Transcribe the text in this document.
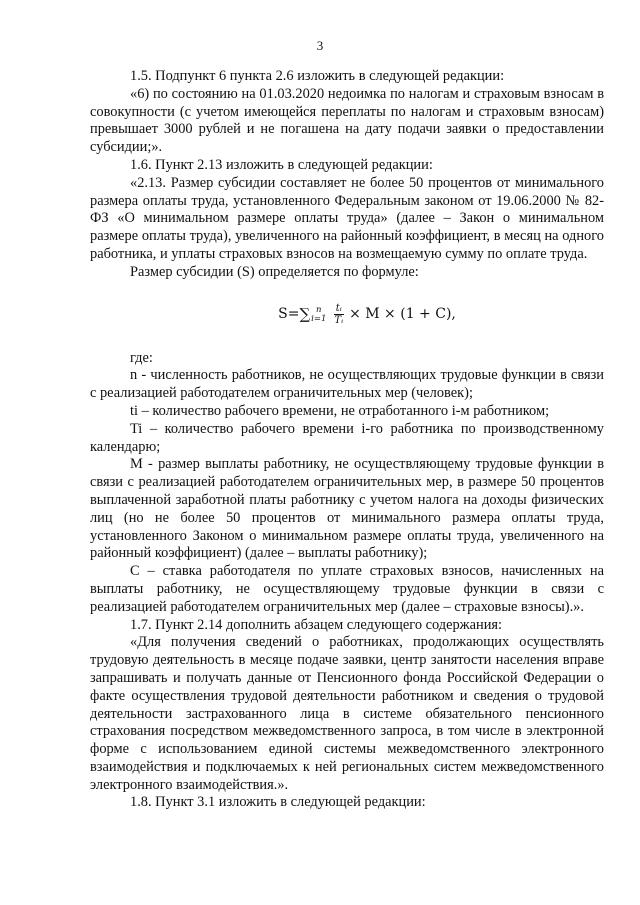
3

1.5. Подпункт 6 пункта 2.6 изложить в следующей редакции:

«6) по состоянию на 01.03.2020 недоимка по налогам и страховым взносам в совокупности (с учетом имеющейся переплаты по налогам и страховым взносам) превышает 3000 рублей и не погашена на дату подачи заявки о предоставлении субсидии;».

1.6. Пункт 2.13 изложить в следующей редакции:

«2.13. Размер субсидии составляет не более 50 процентов от минимального размера оплаты труда, установленного Федеральным законом от 19.06.2000 № 82-ФЗ «О минимальном размере оплаты труда» (далее – Закон о минимальном размере оплаты труда), увеличенного на районный коэффициент, в месяц на одного работника, и уплаты страховых взносов на возмещаемую сумму по оплате труда.

Размер субсидии (S) определяется по формуле:

S= ∑ n
$i=1 \frac{\text{tᵢ}}{\text{Tᵢ}} \times М \times (1 + С)$,

где:

n - численность работников, не осуществляющих трудовые функции в связи с реализацией работодателем ограничительных мер (человек);

ti – количество рабочего времени, не отработанного i-м работником;

Ti – количество рабочего времени i-го работника по производственному календарю;

М - размер выплаты работнику, не осуществляющему трудовые функции в связи с реализацией работодателем ограничительных мер, в размере 50 процентов выплаченной заработной платы работнику с учетом налога на доходы физических лиц (но не более 50 процентов от минимального размера оплаты труда, установленного Законом о минимальном размере оплаты труда, увеличенного на районный коэффициент) (далее – выплаты работнику);

С – ставка работодателя по уплате страховых взносов, начисленных на выплаты работнику, не осуществляющему трудовые функции в связи с реализацией работодателем ограничительных мер (далее – страховые взносы).».

1.7. Пункт 2.14 дополнить абзацем следующего содержания:

«Для получения сведений о работниках, продолжающих осуществлять трудовую деятельность в месяце подаче заявки, центр занятости населения вправе запрашивать и получать данные от Пенсионного фонда Российской Федерации о факте осуществления трудовой деятельности работником и сведения о трудовой деятельности застрахованного лица в системе обязательного пенсионного страхования посредством межведомственного запроса, в том числе в электронной форме с использованием единой системы межведомственного электронного взаимодействия и подключаемых к ней региональных систем межведомственного электронного взаимодействия.».

1.8. Пункт 3.1 изложить в следующей редакции:
